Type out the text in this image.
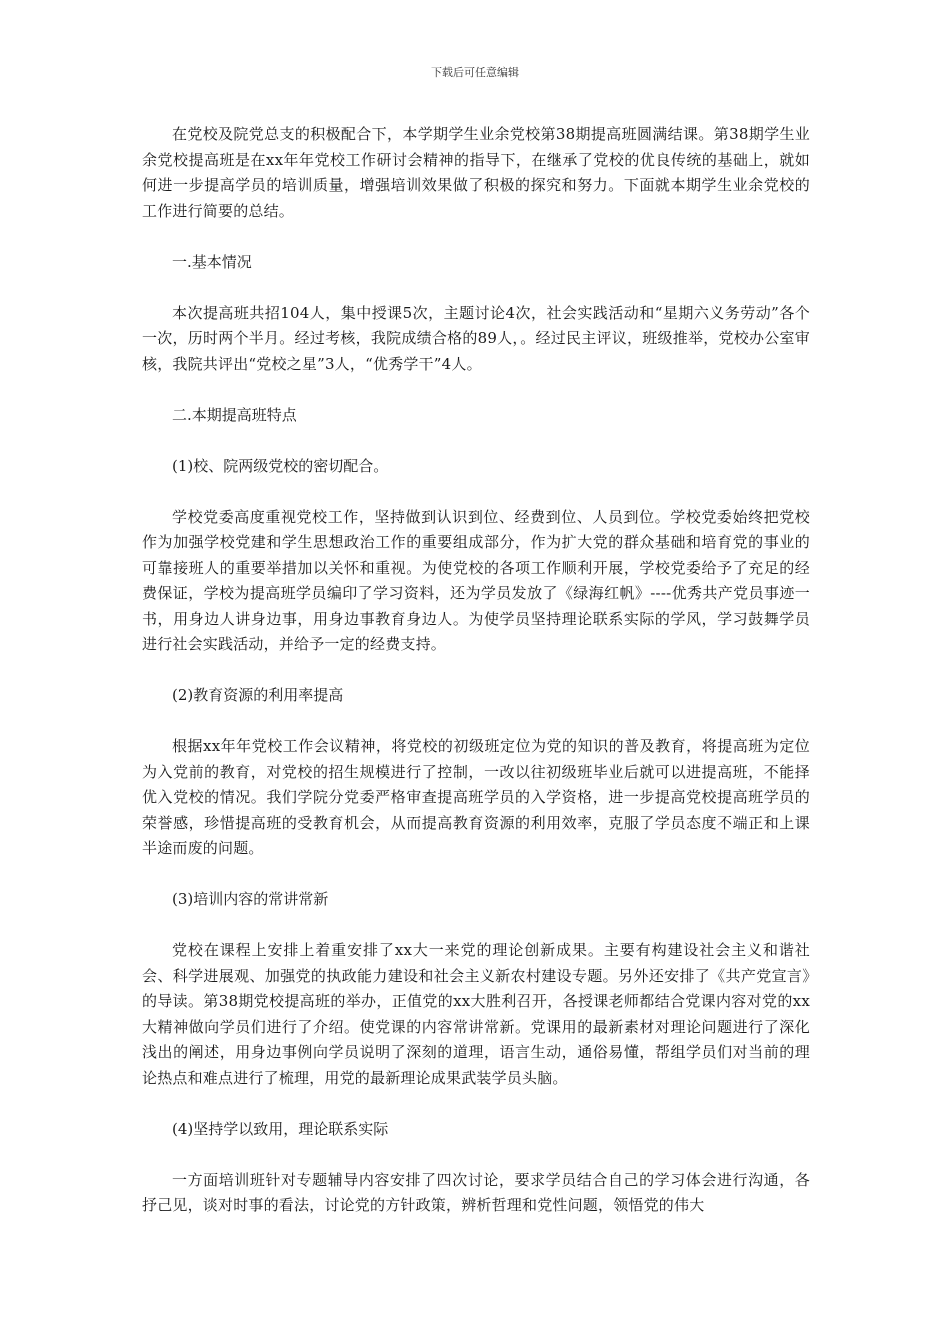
下载后可任意编辑

在党校及院党总支的积极配合下，本学期学生业余党校第38期提高班圆满结课。第38期学生业余党校提高班是在xx年年党校工作研讨会精神的指导下，在继承了党校的优良传统的基础上，就如何进一步提高学员的培训质量，增强培训效果做了积极的探究和努力。下面就本期学生业余党校的工作进行简要的总结。

一.基本情况

本次提高班共招104人，集中授课5次，主题讨论4次，社会实践活动和“星期六义务劳动”各个一次，历时两个半月。经过考核，我院成绩合格的89人，。经过民主评议，班级推举，党校办公室审核，我院共评出“党校之星”3人，“优秀学干”4人。

二.本期提高班特点

(1)校、院两级党校的密切配合。

学校党委高度重视党校工作，坚持做到认识到位、经费到位、人员到位。学校党委始终把党校作为加强学校党建和学生思想政治工作的重要组成部分，作为扩大党的群众基础和培育党的事业的可靠接班人的重要举措加以关怀和重视。为使党校的各项工作顺利开展，学校党委给予了充足的经费保证，学校为提高班学员编印了学习资料，还为学员发放了《绿海红帆》----优秀共产党员事迹一书，用身边人讲身边事，用身边事教育身边人。为使学员坚持理论联系实际的学风，学习鼓舞学员进行社会实践活动，并给予一定的经费支持。

(2)教育资源的利用率提高

根据xx年年党校工作会议精神，将党校的初级班定位为党的知识的普及教育，将提高班为定位为入党前的教育，对党校的招生规模进行了控制，一改以往初级班毕业后就可以进提高班，不能择优入党校的情况。我们学院分党委严格审查提高班学员的入学资格，进一步提高党校提高班学员的荣誉感，珍惜提高班的受教育机会，从而提高教育资源的利用效率，克服了学员态度不端正和上课半途而废的问题。

(3)培训内容的常讲常新

党校在课程上安排上着重安排了xx大一来党的理论创新成果。主要有构建设社会主义和谐社会、科学进展观、加强党的执政能力建设和社会主义新农村建设专题。另外还安排了《共产党宣言》的导读。第38期党校提高班的举办，正值党的xx大胜利召开，各授课老师都结合党课内容对党的xx大精神做向学员们进行了介绍。使党课的内容常讲常新。党课用的最新素材对理论问题进行了深化浅出的阐述，用身边事例向学员说明了深刻的道理，语言生动，通俗易懂，帮组学员们对当前的理论热点和难点进行了梳理，用党的最新理论成果武装学员头脑。

(4)坚持学以致用，理论联系实际

一方面培训班针对专题辅导内容安排了四次讨论，要求学员结合自己的学习体会进行沟通，各抒己见，谈对时事的看法，讨论党的方针政策，辨析哲理和党性问题，领悟党的伟大
